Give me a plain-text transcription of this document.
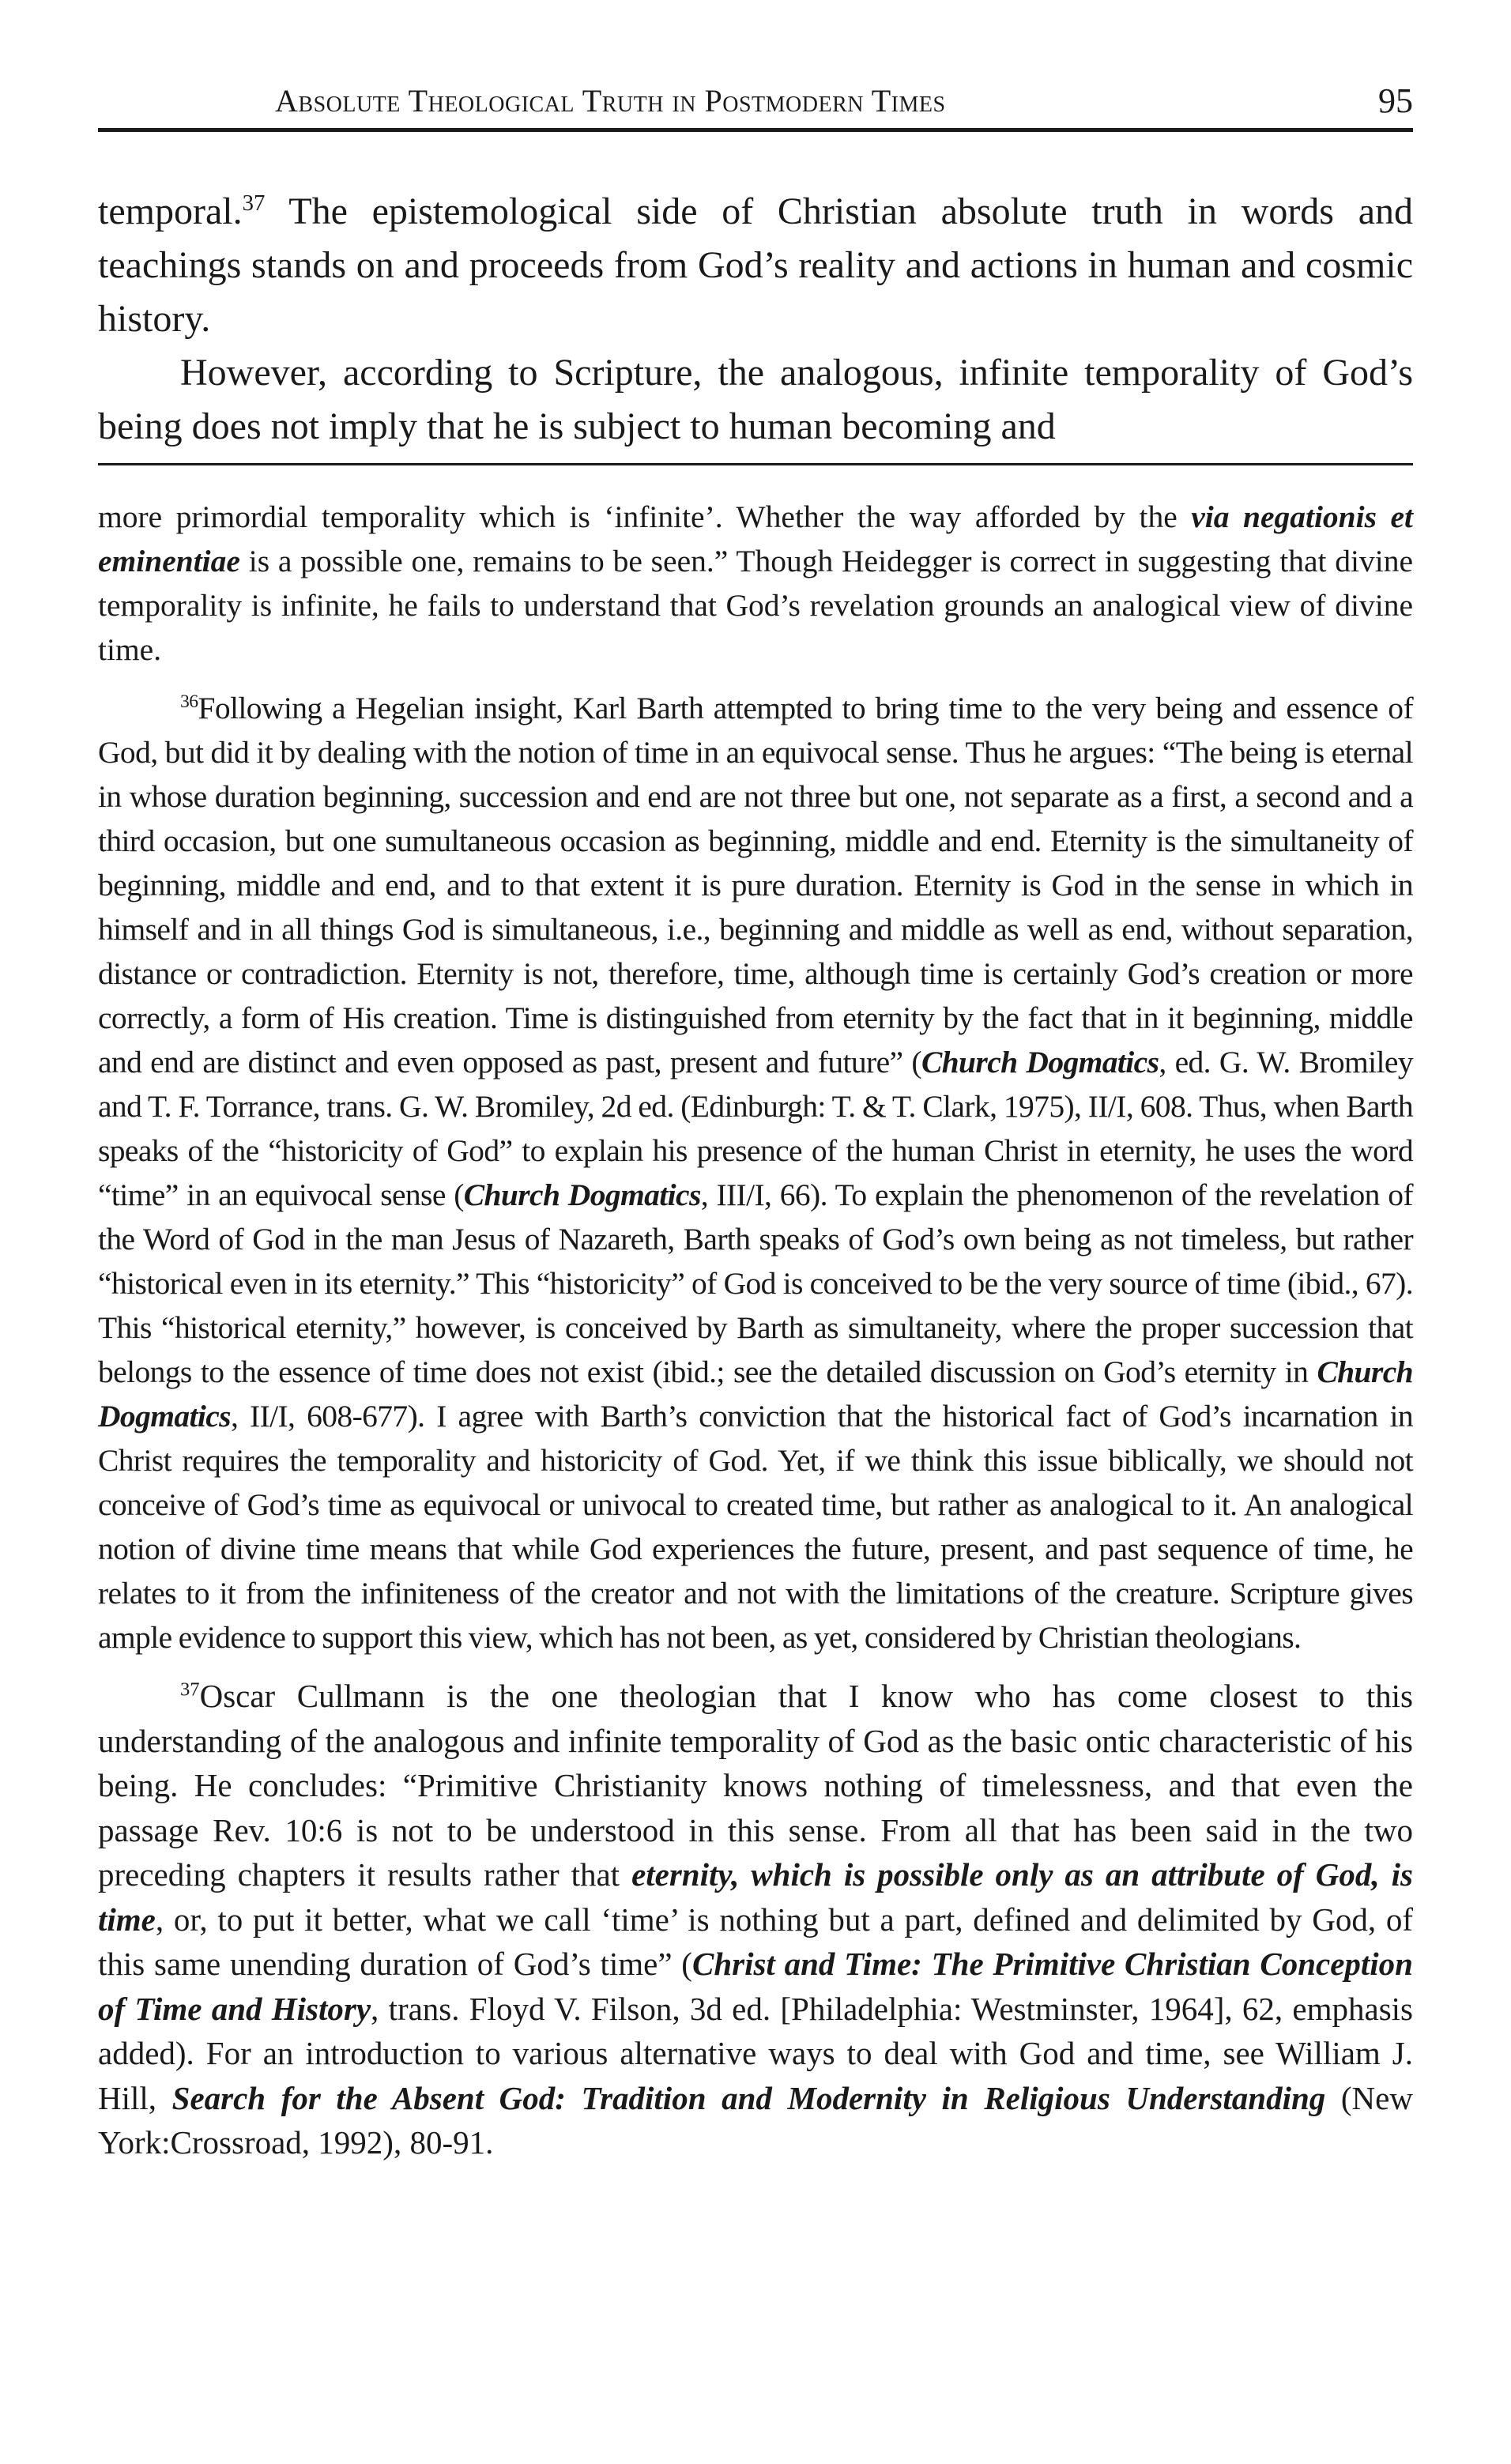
Absolute Theological Truth in Postmodern Times	95

temporal.$^{37}$ The epistemological side of Christian absolute truth in words and teachings stands on and proceeds from God’s reality and actions in human and cosmic history.

However, according to Scripture, the analogous, infinite temporality of God’s being does not imply that he is subject to human becoming and

more primordial temporality which is ‘infinite’. Whether the way afforded by the via negationis et eminentiae is a possible one, remains to be seen.” Though Heidegger is correct in suggesting that divine temporality is infinite, he fails to understand that God’s revelation grounds an analogical view of divine time.

$^{36}$Following a Hegelian insight, Karl Barth attempted to bring time to the very being and essence of God, but did it by dealing with the notion of time in an equivocal sense. Thus he argues: “The being is eternal in whose duration beginning, succession and end are not three but one, not separate as a first, a second and a third occasion, but one sumultaneous occasion as beginning, middle and end. Eternity is the simultaneity of beginning, middle and end, and to that extent it is pure duration. Eternity is God in the sense in which in himself and in all things God is simultaneous, i.e., beginning and middle as well as end, without separation, distance or contradiction. Eternity is not, therefore, time, although time is certainly God’s creation or more correctly, a form of His creation. Time is distinguished from eternity by the fact that in it beginning, middle and end are distinct and even opposed as past, present and future” (Church Dogmatics, ed. G. W. Bromiley and T. F. Torrance, trans. G. W. Bromiley, 2d ed. (Edinburgh: T. & T. Clark, 1975), II/I, 608. Thus, when Barth speaks of the “historicity of God” to explain his presence of the human Christ in eternity, he uses the word “time” in an equivocal sense (Church Dogmatics, III/I, 66). To explain the phenomenon of the revelation of the Word of God in the man Jesus of Nazareth, Barth speaks of God’s own being as not timeless, but rather “historical even in its eternity.” This “historicity” of God is conceived to be the very source of time (ibid., 67). This “historical eternity,” however, is conceived by Barth as simultaneity, where the proper succession that belongs to the essence of time does not exist (ibid.; see the detailed discussion on God’s eternity in Church Dogmatics, II/I, 608-677). I agree with Barth’s conviction that the historical fact of God’s incarnation in Christ requires the temporality and historicity of God. Yet, if we think this issue biblically, we should not conceive of God’s time as equivocal or univocal to created time, but rather as analogical to it. An analogical notion of divine time means that while God experiences the future, present, and past sequence of time, he relates to it from the infiniteness of the creator and not with the limitations of the creature. Scripture gives ample evidence to support this view, which has not been, as yet, considered by Christian theologians.

$^{37}$Oscar Cullmann is the one theologian that I know who has come closest to this understanding of the analogous and infinite temporality of God as the basic ontic characteristic of his being. He concludes: “Primitive Christianity knows nothing of timelessness, and that even the passage Rev. 10:6 is not to be understood in this sense. From all that has been said in the two preceding chapters it results rather that eternity, which is possible only as an attribute of God, is time, or, to put it better, what we call ‘time’ is nothing but a part, defined and delimited by God, of this same unending duration of God’s time” (Christ and Time: The Primitive Christian Conception of Time and History, trans. Floyd V. Filson, 3d ed. [Philadelphia: Westminster, 1964], 62, emphasis added). For an introduction to various alternative ways to deal with God and time, see William J. Hill, Search for the Absent God: Tradition and Modernity in Religious Understanding (New York:Crossroad, 1992), 80-91.
